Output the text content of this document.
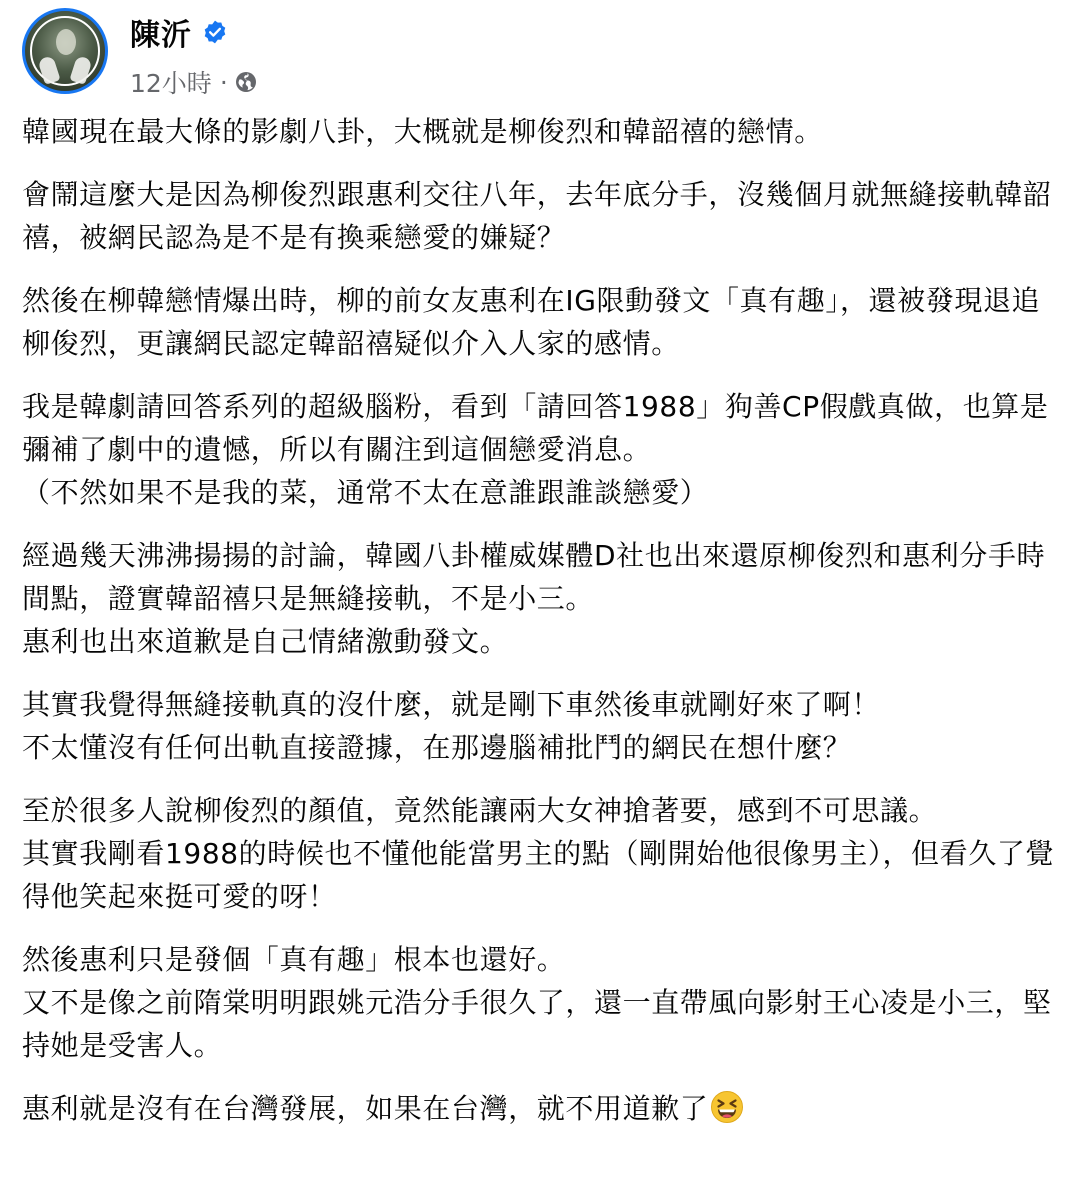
陳沂
12小時 ·

韓國現在最大條的影劇八卦，大概就是柳俊烈和韓韶禧的戀情。

會鬧這麼大是因為柳俊烈跟惠利交往八年，去年底分手，沒幾個月就無縫接軌韓韶禧，被網民認為是不是有換乘戀愛的嫌疑？

然後在柳韓戀情爆出時，柳的前女友惠利在IG限動發文「真有趣」，還被發現退追柳俊烈，更讓網民認定韓韶禧疑似介入人家的感情。

我是韓劇請回答系列的超級腦粉，看到「請回答1988」狗善CP假戲真做，也算是彌補了劇中的遺憾，所以有關注到這個戀愛消息。
（不然如果不是我的菜，通常不太在意誰跟誰談戀愛）

經過幾天沸沸揚揚的討論，韓國八卦權威媒體D社也出來還原柳俊烈和惠利分手時間點，證實韓韶禧只是無縫接軌，不是小三。
惠利也出來道歉是自己情緒激動發文。

其實我覺得無縫接軌真的沒什麼，就是剛下車然後車就剛好來了啊！
不太懂沒有任何出軌直接證據，在那邊腦補批鬥的網民在想什麼？

至於很多人說柳俊烈的顏值，竟然能讓兩大女神搶著要，感到不可思議。
其實我剛看1988的時候也不懂他能當男主的點（剛開始他很像男主），但看久了覺得他笑起來挺可愛的呀！

然後惠利只是發個「真有趣」根本也還好。
又不是像之前隋棠明明跟姚元浩分手很久了，還一直帶風向影射王心凌是小三，堅持她是受害人。

惠利就是沒有在台灣發展，如果在台灣，就不用道歉了
